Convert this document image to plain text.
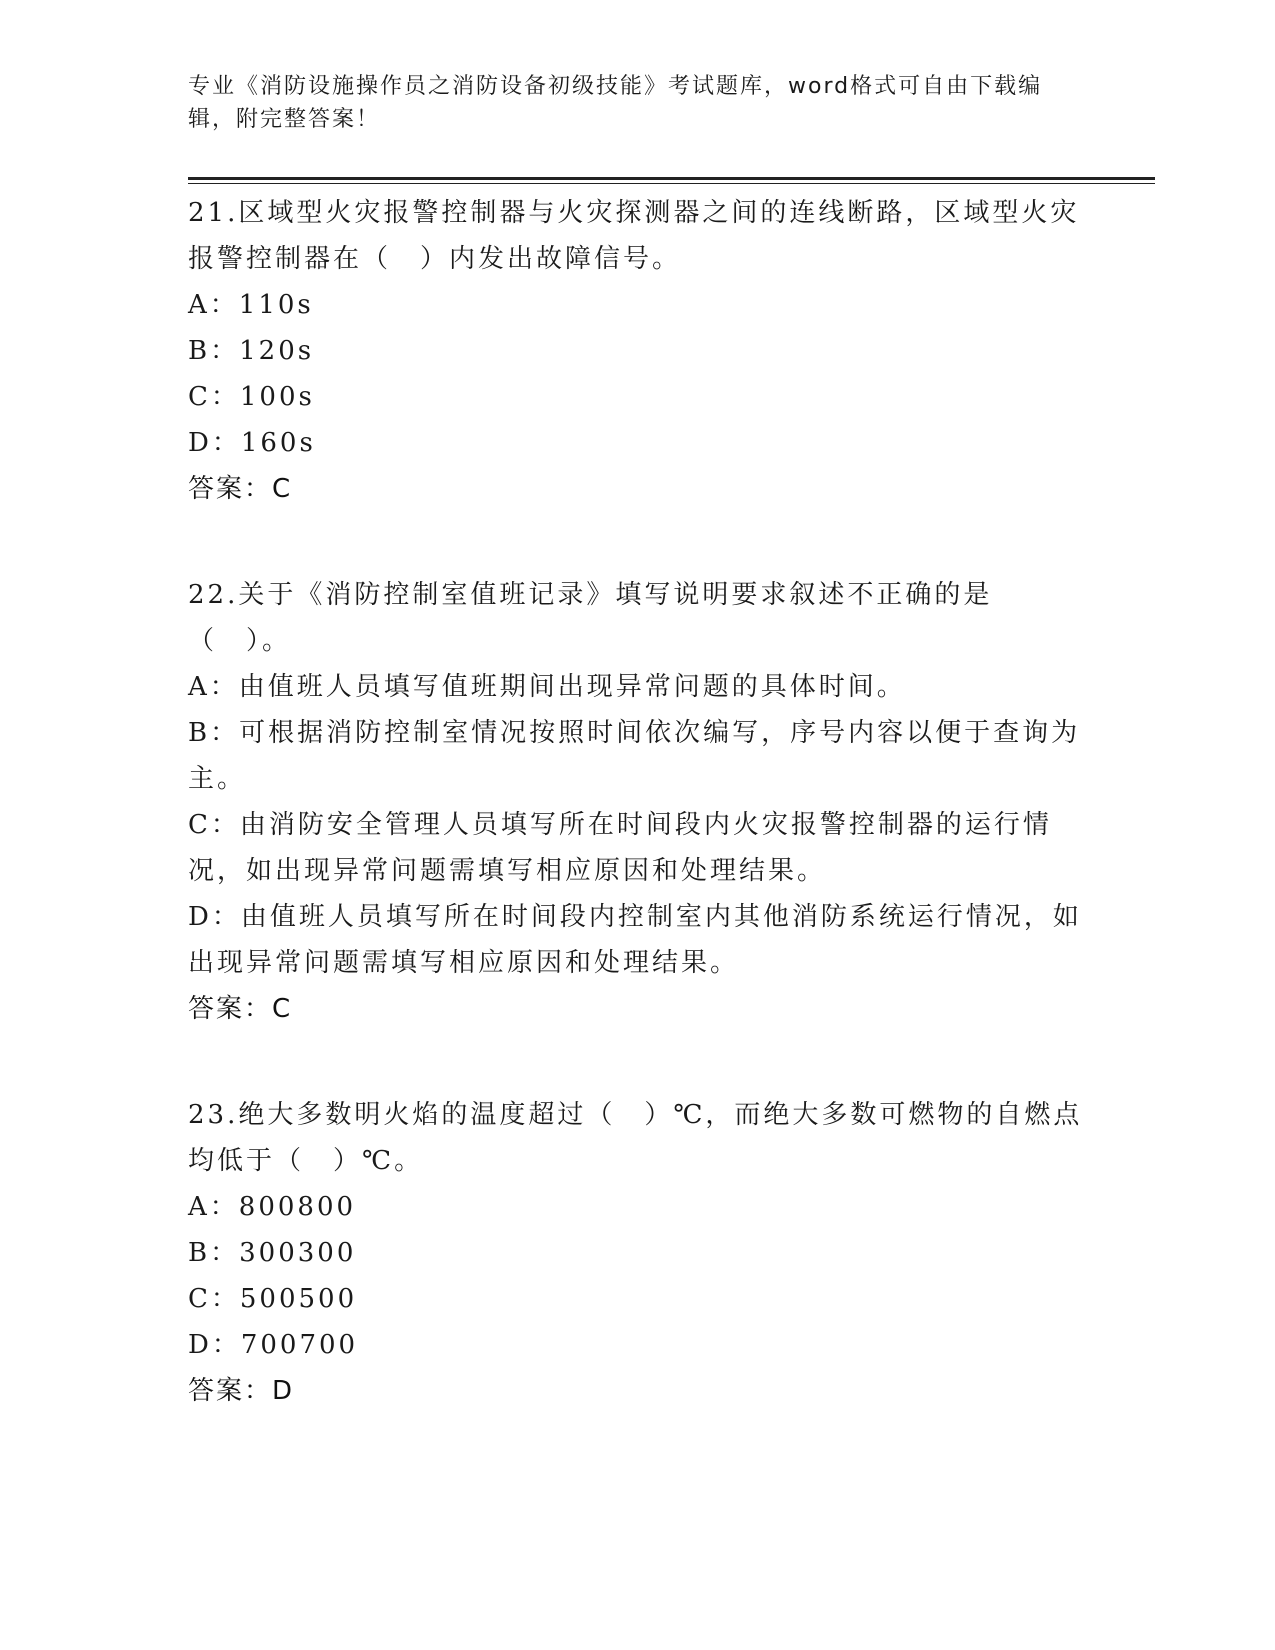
专业《消防设施操作员之消防设备初级技能》考试题库，word格式可自由下载编辑，附完整答案！

21.区域型火灾报警控制器与火灾探测器之间的连线断路，区域型火灾报警控制器在（　）内发出故障信号。

A：110s

B：120s

C：100s

D：160s

答案：C

22.关于《消防控制室值班记录》填写说明要求叙述不正确的是（　）。

A：由值班人员填写值班期间出现异常问题的具体时间。

B：可根据消防控制室情况按照时间依次编写，序号内容以便于查询为主。

C：由消防安全管理人员填写所在时间段内火灾报警控制器的运行情况，如出现异常问题需填写相应原因和处理结果。

D：由值班人员填写所在时间段内控制室内其他消防系统运行情况，如出现异常问题需填写相应原因和处理结果。

答案：C

23.绝大多数明火焰的温度超过（　）℃，而绝大多数可燃物的自燃点均低于（　）℃。

A：800800

B：300300

C：500500

D：700700

答案：D
